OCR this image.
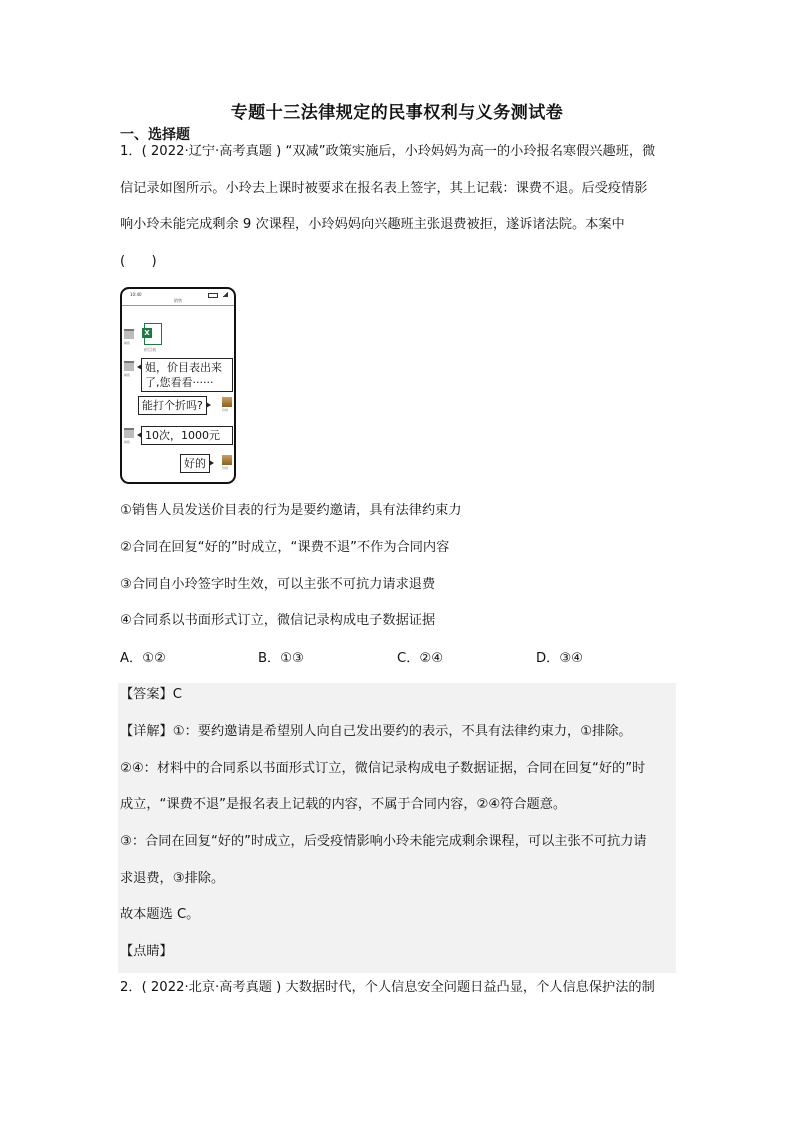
专题十三法律规定的民事权利与义务测试卷
一、选择题
1．( 2022·辽宁·高考真题 ) “双减”政策实施后，小玲妈妈为高一的小玲报名寒假兴趣班，微
信记录如图所示。小玲去上课时被要求在报名表上签字，其上记载：课费不退。后受疫情影
响小玲未能完成剩余 9 次课程，小玲妈妈向兴趣班主张退费被拒，遂诉诸法院。本案中
(　　)
10:40
销售
销售
X
价目表
销售
姐，价目表出来
了,您看看······
能打个折吗?	玲妈
销售	10次，1000元
好的	玲妈
①销售人员发送价目表的行为是要约邀请，具有法律约束力
②合同在回复“好的”时成立，“课费不退”不作为合同内容
③合同自小玲签字时生效，可以主张不可抗力请求退费
④合同系以书面形式订立，微信记录构成电子数据证据
A．①②	B．①③	C．②④	D．③④
【答案】C
【详解】①：要约邀请是希望别人向自己发出要约的表示，不具有法律约束力，①排除。
②④：材料中的合同系以书面形式订立，微信记录构成电子数据证据，合同在回复“好的”时
成立，“课费不退”是报名表上记载的内容，不属于合同内容，②④符合题意。
③：合同在回复“好的”时成立，后受疫情影响小玲未能完成剩余课程，可以主张不可抗力请
求退费，③排除。
故本题选 C。
【点睛】
2．( 2022·北京·高考真题 ) 大数据时代，个人信息安全问题日益凸显，个人信息保护法的制
